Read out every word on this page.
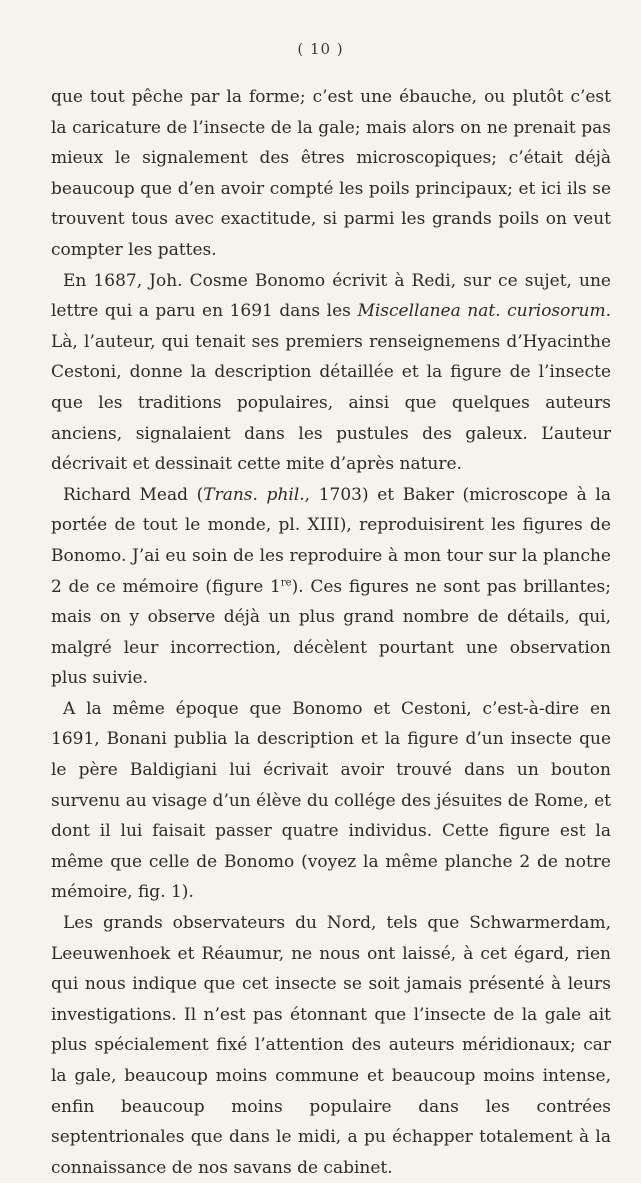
( 10 )

que tout pêche par la forme; c’est une ébauche, ou plutôt c’est la caricature de l’insecte de la gale; mais alors on ne prenait pas mieux le signalement des êtres microscopiques; c’était déjà beaucoup que d’en avoir compté les poils principaux; et ici ils se trouvent tous avec exactitude, si parmi les grands poils on veut compter les pattes.

En 1687, Joh. Cosme Bonomo écrivit à Redi, sur ce sujet, une lettre qui a paru en 1691 dans les Miscellanea nat. curiosorum. Là, l’auteur, qui tenait ses premiers renseignemens d’Hyacinthe Cestoni, donne la description détaillée et la figure de l’insecte que les traditions populaires, ainsi que quelques auteurs anciens, signalaient dans les pustules des galeux. L’auteur décrivait et dessinait cette mite d’après nature.

Richard Mead (Trans. phil., 1703) et Baker (microscope à la portée de tout le monde, pl. XIII), reproduisirent les figures de Bonomo. J’ai eu soin de les reproduire à mon tour sur la planche 2 de ce mémoire (figure 1re). Ces figures ne sont pas brillantes; mais on y observe déjà un plus grand nombre de détails, qui, malgré leur incorrection, décèlent pourtant une observation plus suivie.

A la même époque que Bonomo et Cestoni, c’est-à-dire en 1691, Bonani publia la description et la figure d’un insecte que le père Baldigiani lui écrivait avoir trouvé dans un bouton survenu au visage d’un élève du collége des jésuites de Rome, et dont il lui faisait passer quatre individus. Cette figure est la même que celle de Bonomo (voyez la même planche 2 de notre mémoire, fig. 1).

Les grands observateurs du Nord, tels que Schwarmerdam, Leeuwenhoek et Réaumur, ne nous ont laissé, à cet égard, rien qui nous indique que cet insecte se soit jamais présenté à leurs investigations. Il n’est pas étonnant que l’insecte de la gale ait plus spécialement fixé l’attention des auteurs méridionaux; car la gale, beaucoup moins commune et beaucoup moins intense, enfin beaucoup moins populaire dans les contrées septentrionales que dans le midi, a pu échapper totalement à la connaissance de nos savans de cabinet.
